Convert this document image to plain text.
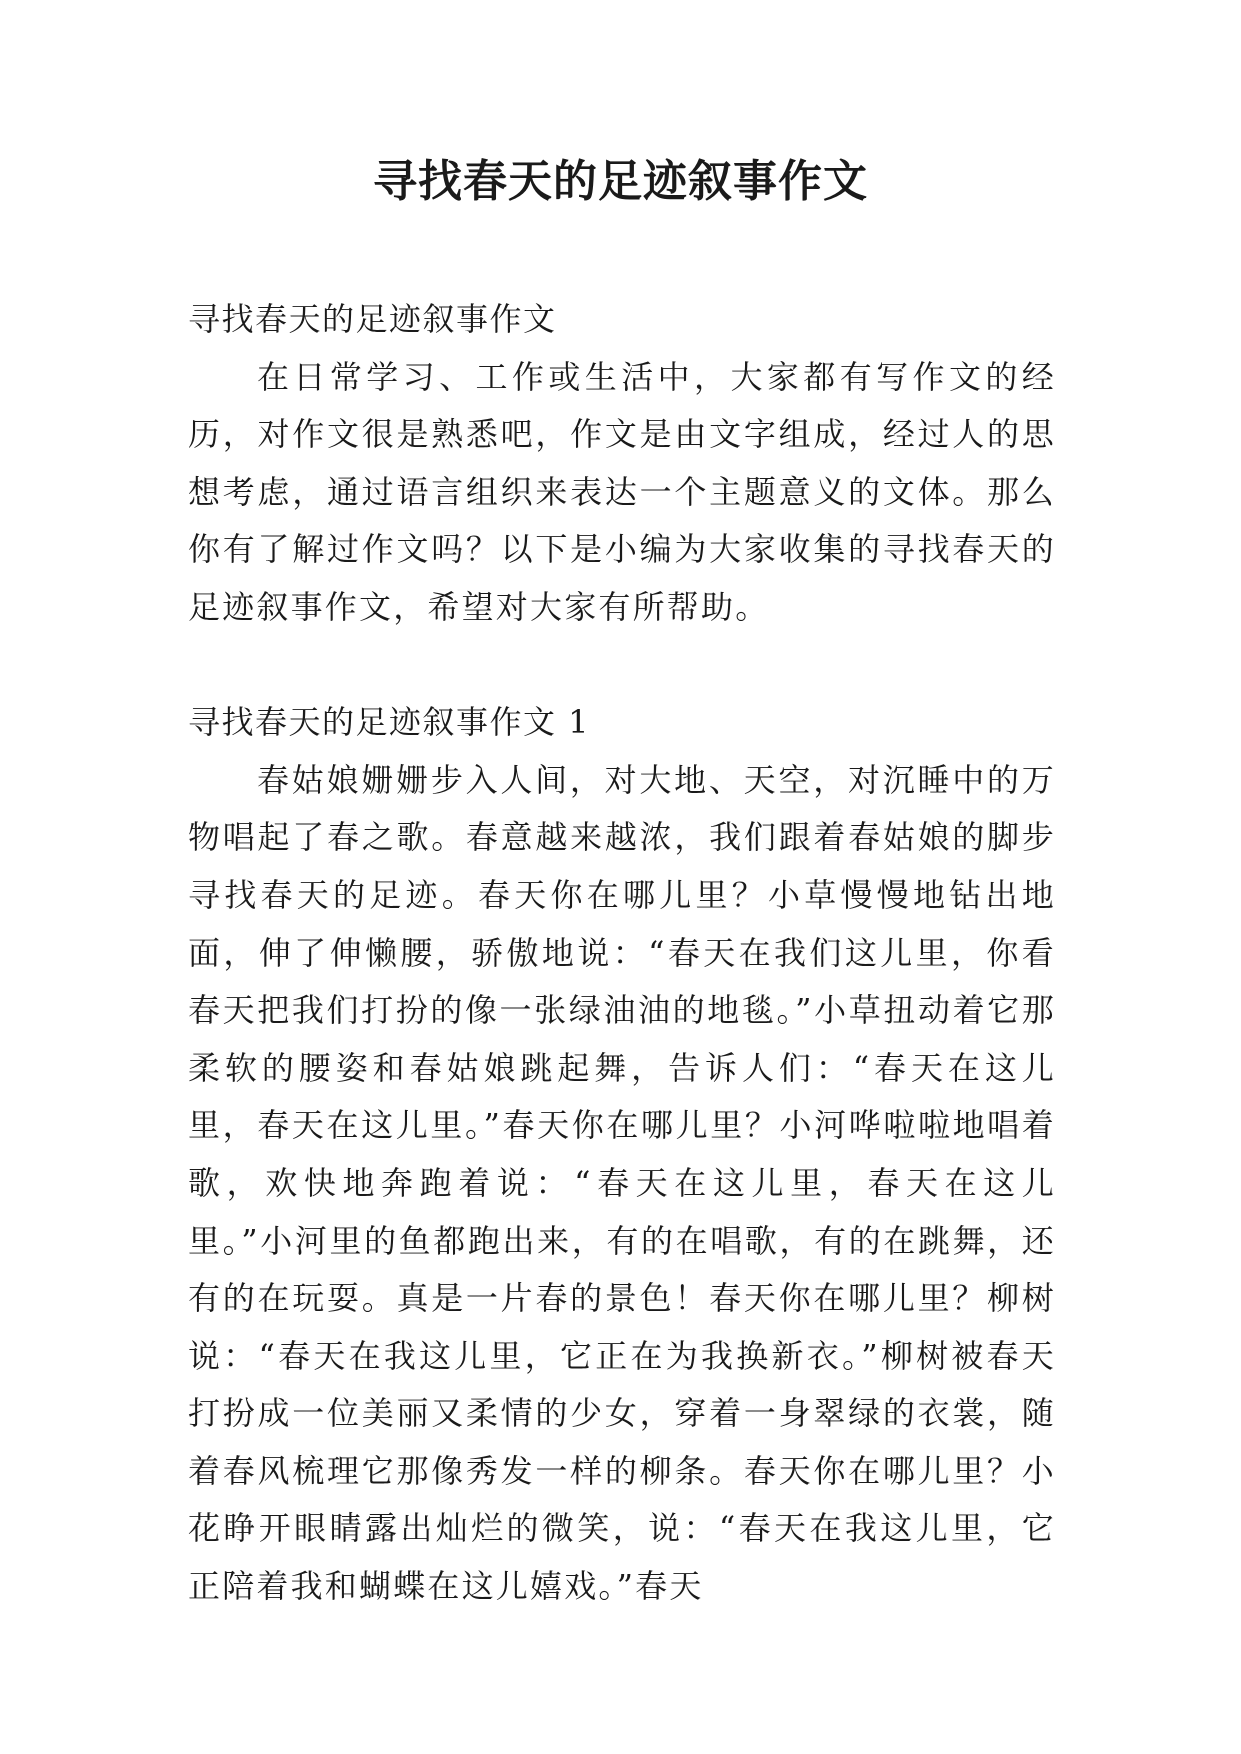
寻找春天的足迹叙事作文

寻找春天的足迹叙事作文

在日常学习、工作或生活中，大家都有写作文的经历，对作文很是熟悉吧，作文是由文字组成，经过人的思想考虑，通过语言组织来表达一个主题意义的文体。那么你有了解过作文吗？以下是小编为大家收集的寻找春天的足迹叙事作文，希望对大家有所帮助。

寻找春天的足迹叙事作文 1

春姑娘姗姗步入人间，对大地、天空，对沉睡中的万物唱起了春之歌。春意越来越浓，我们跟着春姑娘的脚步寻找春天的足迹。春天你在哪儿里？小草慢慢地钻出地面，伸了伸懒腰，骄傲地说：“春天在我们这儿里，你看春天把我们打扮的像一张绿油油的地毯。”小草扭动着它那柔软的腰姿和春姑娘跳起舞，告诉人们：“春天在这儿里，春天在这儿里。”春天你在哪儿里？小河哗啦啦地唱着歌，欢快地奔跑着说：“春天在这儿里，春天在这儿里。”小河里的鱼都跑出来，有的在唱歌，有的在跳舞，还有的在玩耍。真是一片春的景色！春天你在哪儿里？柳树说：“春天在我这儿里，它正在为我换新衣。”柳树被春天打扮成一位美丽又柔情的少女，穿着一身翠绿的衣裳，随着春风梳理它那像秀发一样的柳条。春天你在哪儿里？小花睁开眼睛露出灿烂的微笑，说：“春天在我这儿里，它正陪着我和蝴蝶在这儿嬉戏。”春天
